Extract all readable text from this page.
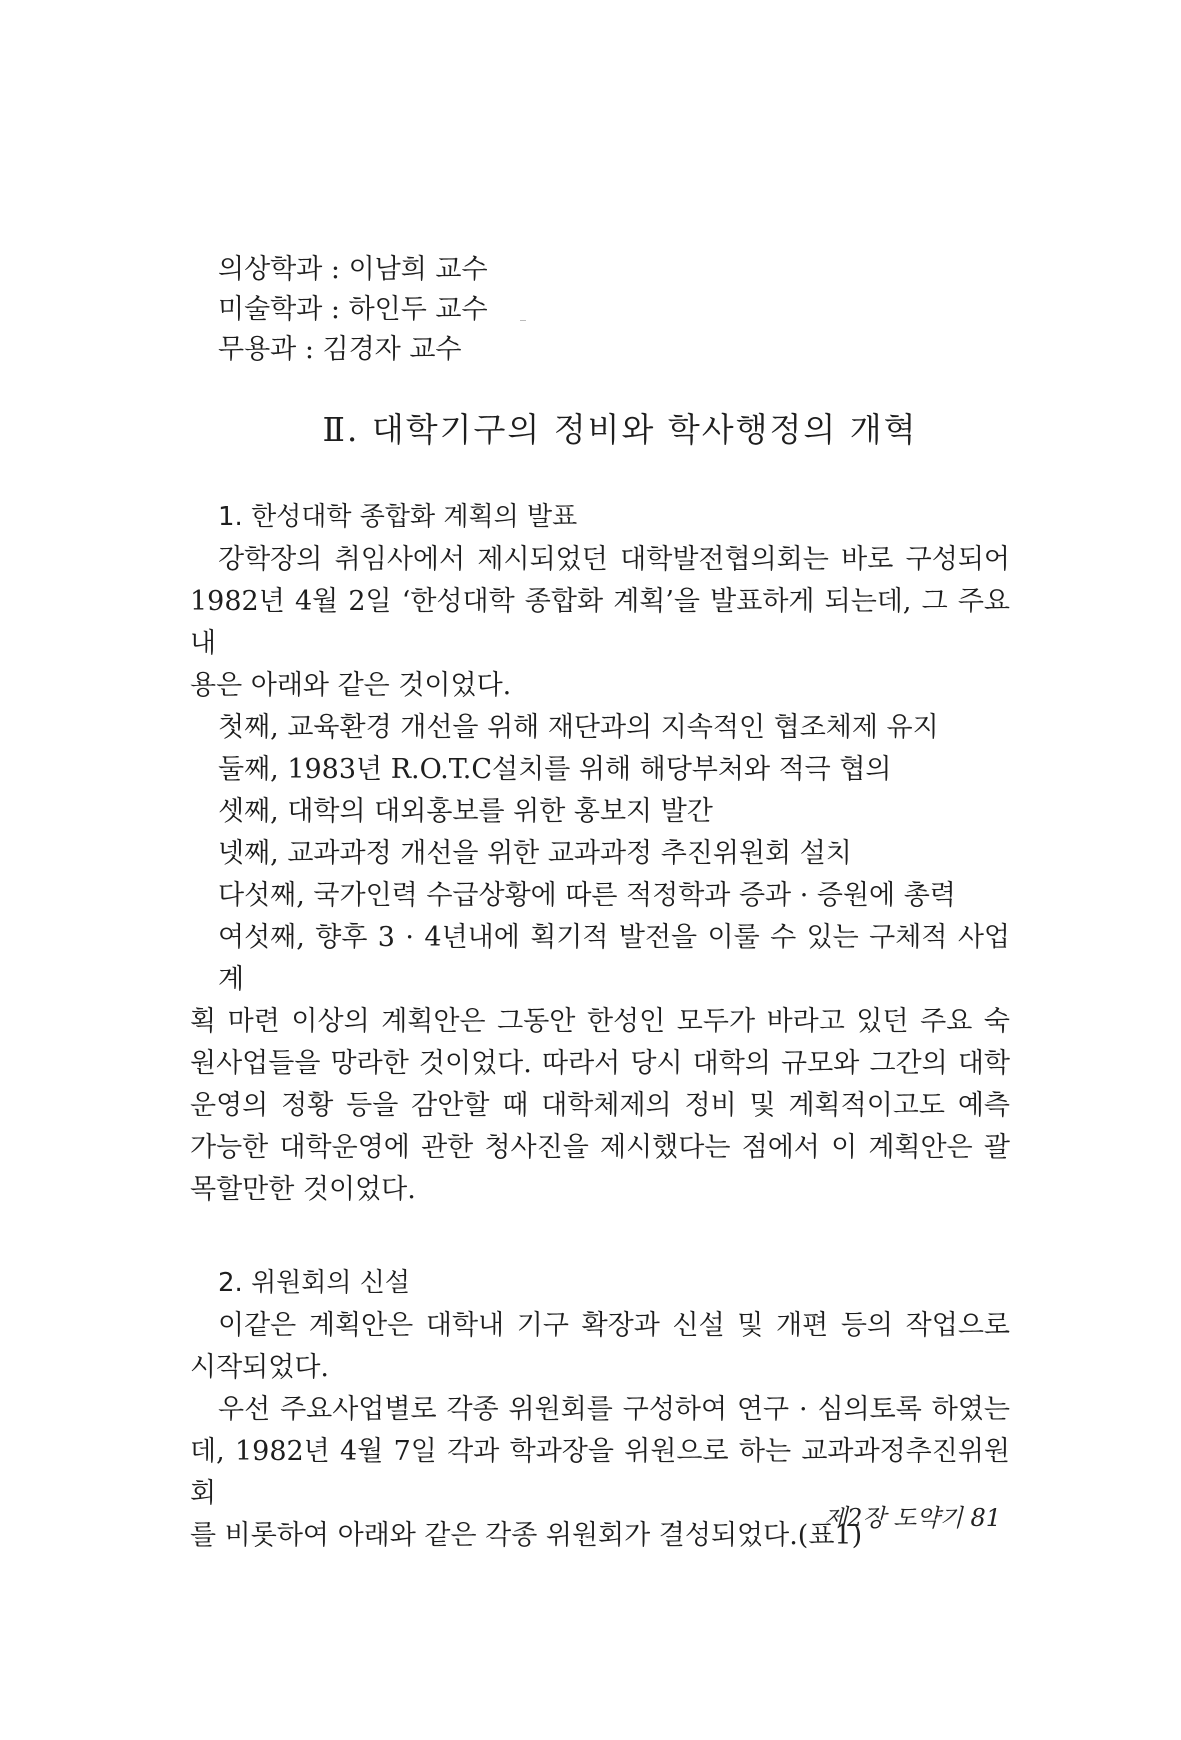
의상학과 : 이남희 교수
미술학과 : 하인두 교수
무용과 : 김경자 교수
Ⅱ. 대학기구의 정비와 학사행정의 개혁
1. 한성대학 종합화 계획의 발표
강학장의 취임사에서 제시되었던 대학발전협의회는 바로 구성되어
1982년 4월 2일 ‘한성대학 종합화 계획’을 발표하게 되는데, 그 주요내
용은 아래와 같은 것이었다.
첫째, 교육환경 개선을 위해 재단과의 지속적인 협조체제 유지
둘째, 1983년 R.O.T.C설치를 위해 해당부처와 적극 협의
셋째, 대학의 대외홍보를 위한 홍보지 발간
넷째, 교과과정 개선을 위한 교과과정 추진위원회 설치
다섯째, 국가인력 수급상황에 따른 적정학과 증과 · 증원에 총력
여섯째, 향후 3 · 4년내에 획기적 발전을 이룰 수 있는 구체적 사업계
획 마련 이상의 계획안은 그동안 한성인 모두가 바라고 있던 주요 숙
원사업들을 망라한 것이었다. 따라서 당시 대학의 규모와 그간의 대학
운영의 정황 등을 감안할 때 대학체제의 정비 및 계획적이고도 예측
가능한 대학운영에 관한 청사진을 제시했다는 점에서 이 계획안은 괄
목할만한 것이었다.
2. 위원회의 신설
이같은 계획안은 대학내 기구 확장과 신설 및 개편 등의 작업으로
시작되었다.
우선 주요사업별로 각종 위원회를 구성하여 연구 · 심의토록 하였는
데, 1982년 4월 7일 각과 학과장을 위원으로 하는 교과과정추진위원회
를 비롯하여 아래와 같은 각종 위원회가 결성되었다.(표1)
제2장 도약기 81
